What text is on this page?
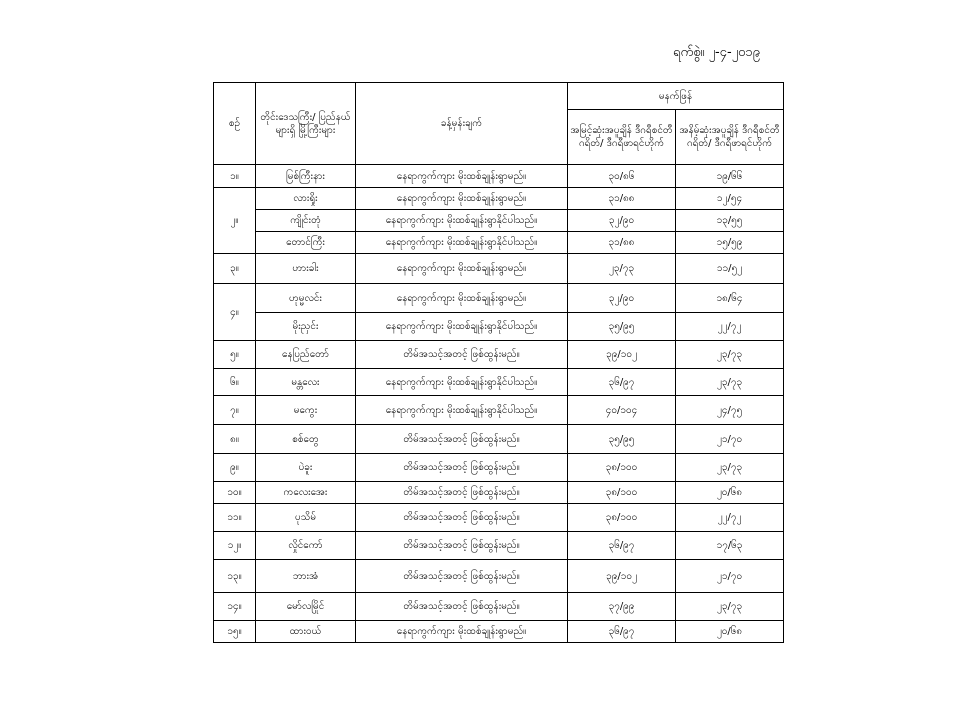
ရက်စွဲ။ ၂-၄-၂၀၁၉
စဉ်	တိုင်းဒေသကြီး/ ပြည်နယ်များရှိ မြို့ကြီးများ	ခန့်မှန်းချက်	မနက်ဖြန်	
			အမြင့်ဆုံးအပူချိန် ဒီဂရီစင်တီဂရိတ်/ ဒီဂရီဖာရင်ဟိုက်	အနိမ့်ဆုံးအပူချိန် ဒီဂရီစင်တီဂရိတ်/ ဒီဂရီဖာရင်ဟိုက်
၁။	မြစ်ကြီးနား	နေရာကွက်ကျား မိုးထစ်ချုန်းရွာမည်။	၃၀/၈၆	၁၉/၆၆
၂။	လားရှိုး	နေရာကွက်ကျား မိုးထစ်ချုန်းရွာမည်။	၃၁/၈၈	၁၂/၅၄
	ကျိုင်းတုံ	နေရာကွက်ကျား မိုးထစ်ချုန်းရွာနိုင်ပါသည်။	၃၂/၉၀	၁၃/၅၅
	တောင်ကြီး	နေရာကွက်ကျား မိုးထစ်ချုန်းရွာနိုင်ပါသည်။	၃၁/၈၈	၁၅/၅၉
၃။	ဟားခါး	နေရာကွက်ကျား မိုးထစ်ချုန်းရွာမည်။	၂၃/၇၃	၁၁/၅၂
၄။	ဟုမ္မလင်း	နေရာကွက်ကျား မိုးထစ်ချုန်းရွာမည်။	၃၂/၉၀	၁၈/၆၄
	မိုးညှင်း	နေရာကွက်ကျား မိုးထစ်ချုန်းရွာနိုင်ပါသည်။	၃၅/၉၅	၂၂/၇၂
၅။	နေပြည်တော်	တိမ်အသင့်အတင့် ဖြစ်ထွန်းမည်။	၃၉/၁၀၂	၂၃/၇၃
၆။	မန္တလေး	နေရာကွက်ကျား မိုးထစ်ချုန်းရွာနိုင်ပါသည်။	၃၆/၉၇	၂၃/၇၃
၇။	မကွေး	နေရာကွက်ကျား မိုးထစ်ချုန်းရွာနိုင်ပါသည်။	၄၀/၁၀၄	၂၄/၇၅
၈။	စစ်တွေ	တိမ်အသင့်အတင့် ဖြစ်ထွန်းမည်။	၃၅/၉၅	၂၁/၇၀
၉။	ပဲခူး	တိမ်အသင့်အတင့် ဖြစ်ထွန်းမည်။	၃၈/၁၀၀	၂၃/၇၃
၁၀။	ကလေးအေး	တိမ်အသင့်အတင့် ဖြစ်ထွန်းမည်။	၃၈/၁၀၀	၂၀/၆၈
၁၁။	ပုသိမ်	တိမ်အသင့်အတင့် ဖြစ်ထွန်းမည်။	၃၈/၁၀၀	၂၂/၇၂
၁၂။	လှိုင်ကော်	တိမ်အသင့်အတင့် ဖြစ်ထွန်းမည်။	၃၆/၉၇	၁၇/၆၃
၁၃။	ဘားအံ	တိမ်အသင့်အတင့် ဖြစ်ထွန်းမည်။	၃၉/၁၀၂	၂၁/၇၀
၁၄။	မော်လမြိုင်	တိမ်အသင့်အတင့် ဖြစ်ထွန်းမည်။	၃၇/၉၉	၂၃/၇၃
၁၅။	ထားဝယ်	နေရာကွက်ကျား မိုးထစ်ချုန်းရွာမည်။	၃၆/၉၇	၂၀/၆၈
